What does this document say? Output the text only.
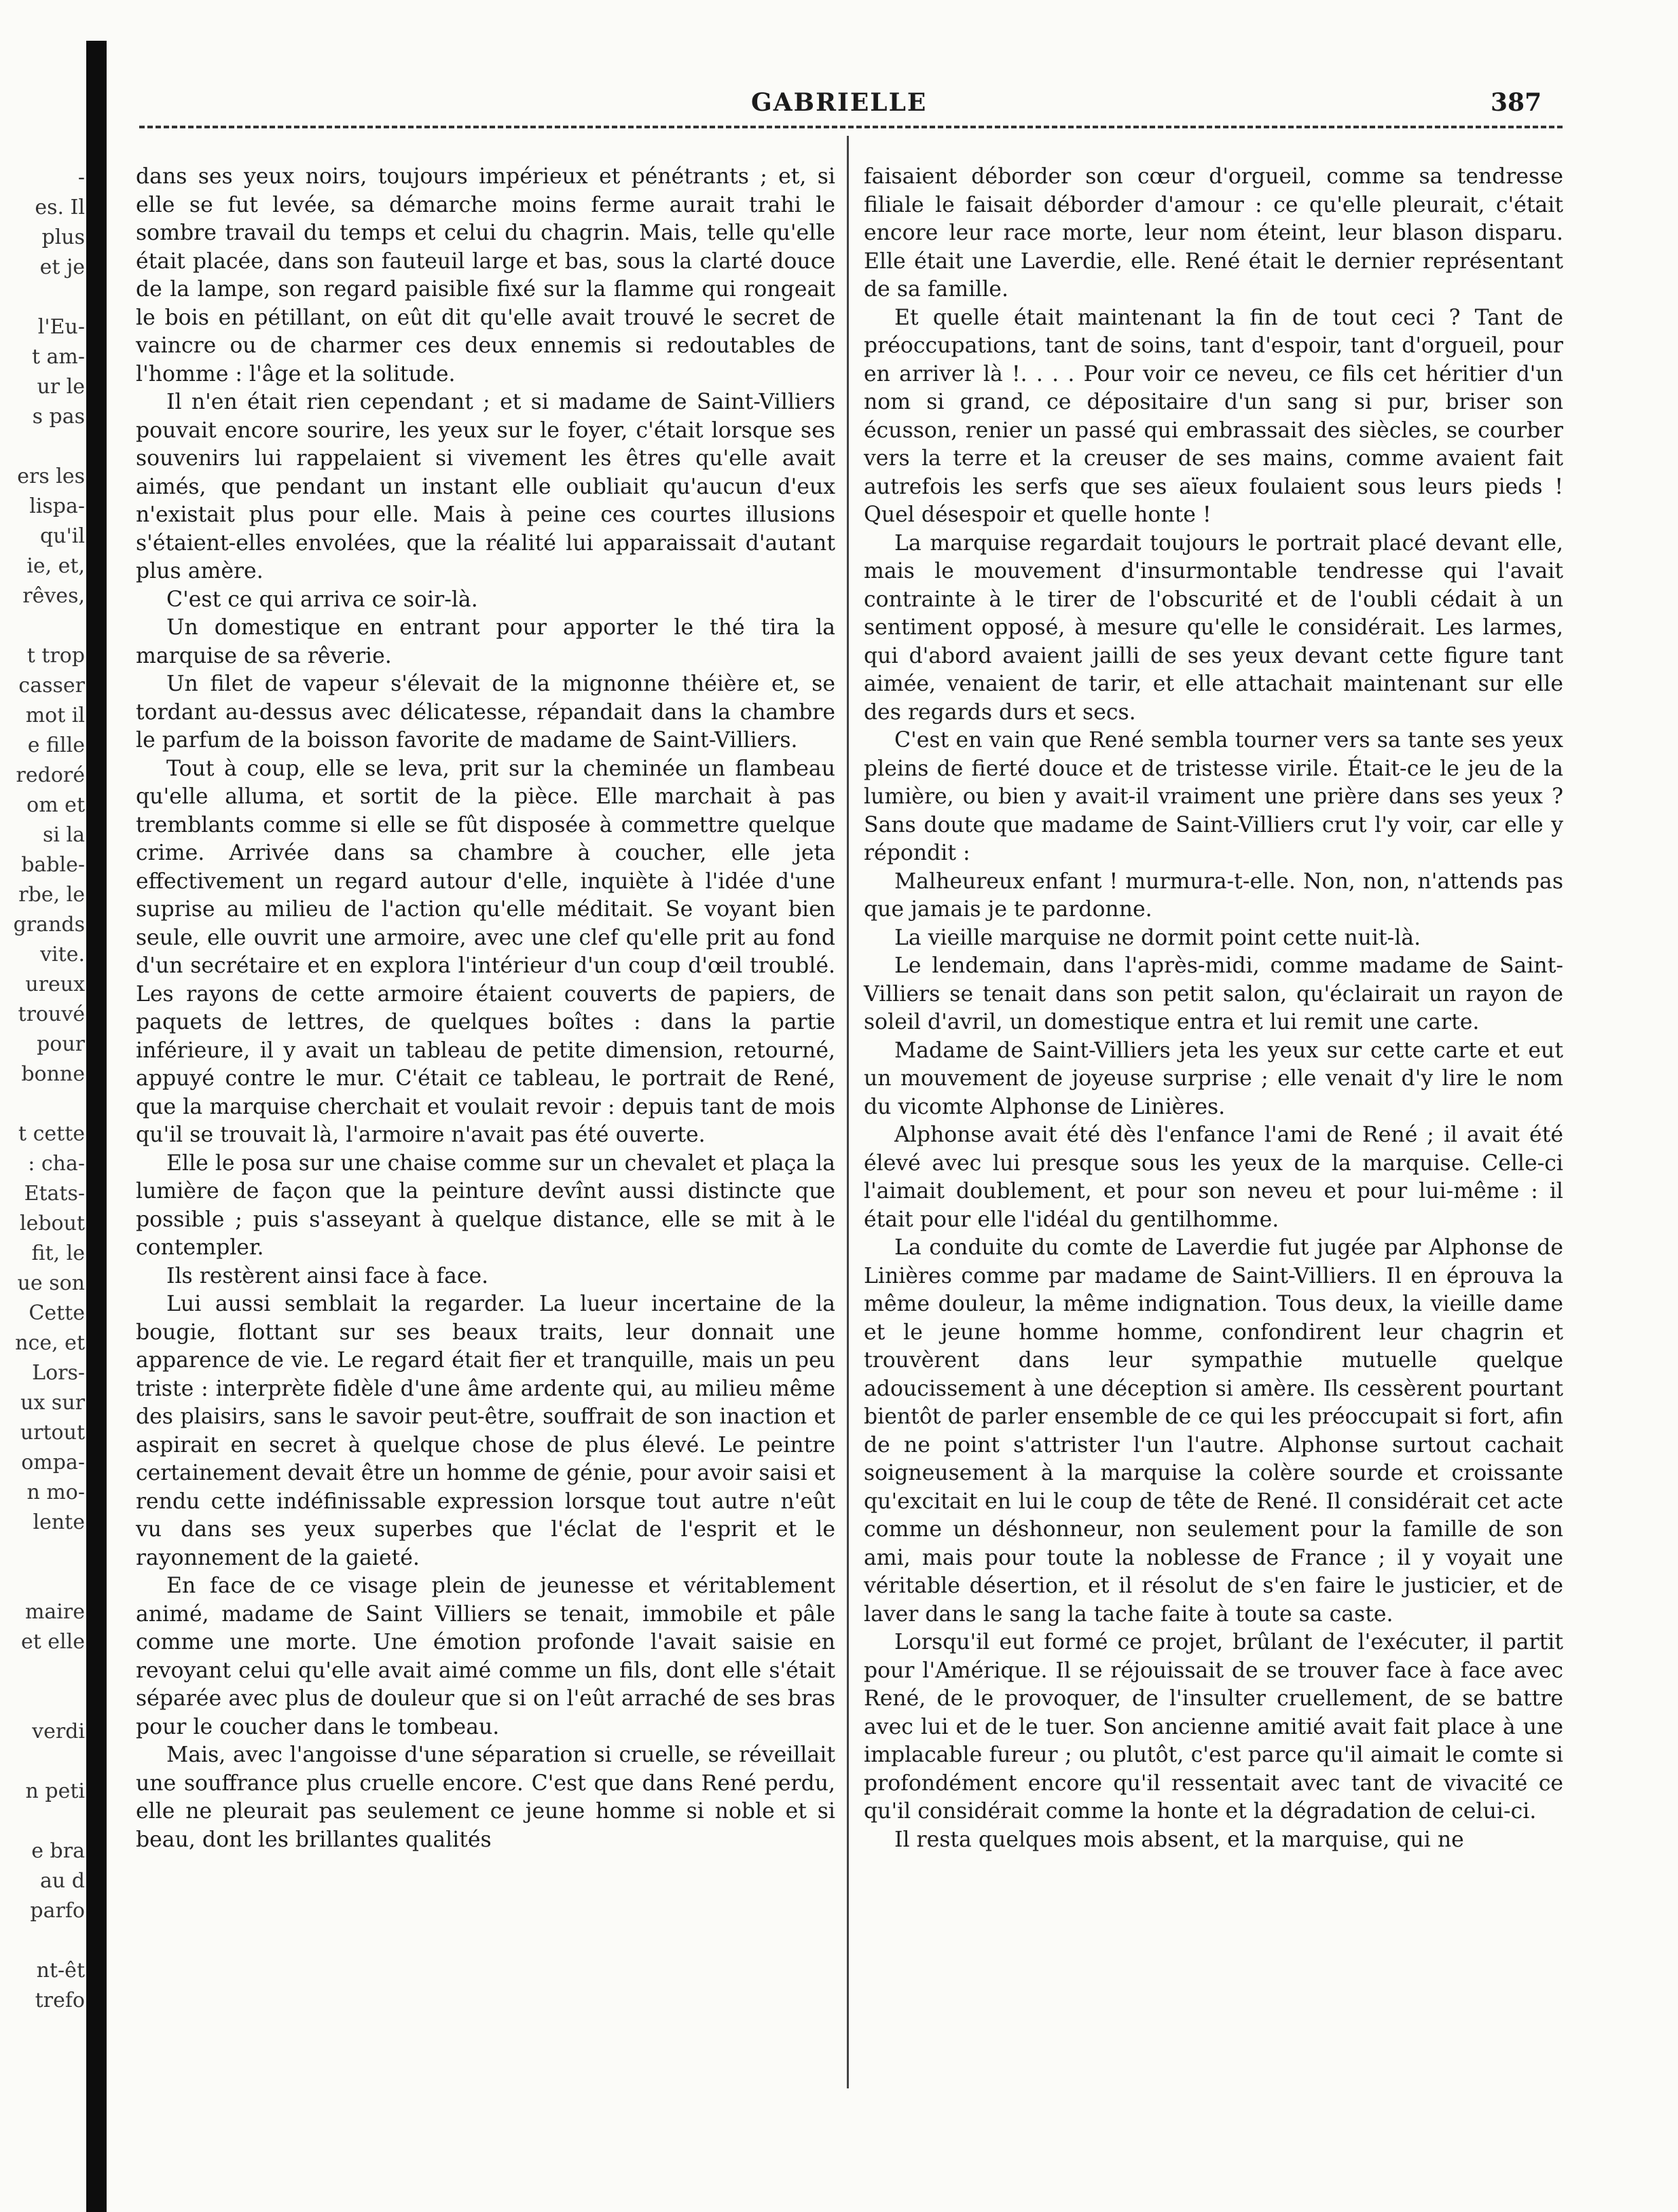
-
es. Il
plus
et je
l'Eu-
t am-
ur le
s pas
ers les
lispa-
qu'il
ie, et,
rêves,
t trop
casser
mot il
e fille
redoré
om et
si la
bable-
rbe, le
grands
vite.
ureux
trouvé
pour
bonne
t cette
: cha-
Etats-
lebout
fit, le
ue son
Cette
nce, et
Lors-
ux sur
urtout
ompa-
n mo-
lente
maire
et elle
verdi
n peti
e bra
au d
parfo
nt-êt
trefo
GABRIELLE	387

dans ses yeux noirs, toujours impérieux et pénétrants ; et, si elle se fut levée, sa démarche moins ferme aurait trahi le sombre travail du temps et celui du chagrin. Mais, telle qu'elle était placée, dans son fauteuil large et bas, sous la clarté douce de la lampe, son regard paisible fixé sur la flamme qui rongeait le bois en pétillant, on eût dit qu'elle avait trouvé le secret de vaincre ou de charmer ces deux ennemis si redoutables de l'homme : l'âge et la solitude.

Il n'en était rien cependant ; et si madame de Saint-Villiers pouvait encore sourire, les yeux sur le foyer, c'était lorsque ses souvenirs lui rappelaient si vivement les êtres qu'elle avait aimés, que pendant un instant elle oubliait qu'aucun d'eux n'existait plus pour elle. Mais à peine ces courtes illusions s'étaient-elles envolées, que la réalité lui apparaissait d'autant plus amère.

C'est ce qui arriva ce soir-là.

Un domestique en entrant pour apporter le thé tira la marquise de sa rêverie.

Un filet de vapeur s'élevait de la mignonne théière et, se tordant au-dessus avec délicatesse, répandait dans la chambre le parfum de la boisson favorite de madame de Saint-Villiers.

Tout à coup, elle se leva, prit sur la cheminée un flambeau qu'elle alluma, et sortit de la pièce. Elle marchait à pas tremblants comme si elle se fût disposée à commettre quelque crime. Arrivée dans sa chambre à coucher, elle jeta effectivement un regard autour d'elle, inquiète à l'idée d'une suprise au milieu de l'action qu'elle méditait. Se voyant bien seule, elle ouvrit une armoire, avec une clef qu'elle prit au fond d'un secrétaire et en explora l'intérieur d'un coup d'œil troublé. Les rayons de cette armoire étaient couverts de papiers, de paquets de lettres, de quelques boîtes : dans la partie inférieure, il y avait un tableau de petite dimension, retourné, appuyé contre le mur. C'était ce tableau, le portrait de René, que la marquise cherchait et voulait revoir : depuis tant de mois qu'il se trouvait là, l'armoire n'avait pas été ouverte.

Elle le posa sur une chaise comme sur un chevalet et plaça la lumière de façon que la peinture devînt aussi distincte que possible ; puis s'asseyant à quelque distance, elle se mit à le contempler.

Ils restèrent ainsi face à face.

Lui aussi semblait la regarder. La lueur incertaine de la bougie, flottant sur ses beaux traits, leur donnait une apparence de vie. Le regard était fier et tranquille, mais un peu triste : interprète fidèle d'une âme ardente qui, au milieu même des plaisirs, sans le savoir peut-être, souffrait de son inaction et aspirait en secret à quelque chose de plus élevé. Le peintre certainement devait être un homme de génie, pour avoir saisi et rendu cette indéfinissable expression lorsque tout autre n'eût vu dans ses yeux superbes que l'éclat de l'esprit et le rayonnement de la gaieté.

En face de ce visage plein de jeunesse et véritablement animé, madame de Saint Villiers se tenait, immobile et pâle comme une morte. Une émotion profonde l'avait saisie en revoyant celui qu'elle avait aimé comme un fils, dont elle s'était séparée avec plus de douleur que si on l'eût arraché de ses bras pour le coucher dans le tombeau.

Mais, avec l'angoisse d'une séparation si cruelle, se réveillait une souffrance plus cruelle encore. C'est que dans René perdu, elle ne pleurait pas seulement ce jeune homme si noble et si beau, dont les brillantes qualités

faisaient déborder son cœur d'orgueil, comme sa tendresse filiale le faisait déborder d'amour : ce qu'elle pleurait, c'était encore leur race morte, leur nom éteint, leur blason disparu. Elle était une Laverdie, elle. René était le dernier représentant de sa famille.

Et quelle était maintenant la fin de tout ceci ? Tant de préoccupations, tant de soins, tant d'espoir, tant d'orgueil, pour en arriver là !. . . . Pour voir ce neveu, ce fils cet héritier d'un nom si grand, ce dépositaire d'un sang si pur, briser son écusson, renier un passé qui embrassait des siècles, se courber vers la terre et la creuser de ses mains, comme avaient fait autrefois les serfs que ses aïeux foulaient sous leurs pieds ! Quel désespoir et quelle honte !

La marquise regardait toujours le portrait placé devant elle, mais le mouvement d'insurmontable tendresse qui l'avait contrainte à le tirer de l'obscurité et de l'oubli cédait à un sentiment opposé, à mesure qu'elle le considérait. Les larmes, qui d'abord avaient jailli de ses yeux devant cette figure tant aimée, venaient de tarir, et elle attachait maintenant sur elle des regards durs et secs.

C'est en vain que René sembla tourner vers sa tante ses yeux pleins de fierté douce et de tristesse virile. Était-ce le jeu de la lumière, ou bien y avait-il vraiment une prière dans ses yeux ? Sans doute que madame de Saint-Villiers crut l'y voir, car elle y répondit :

Malheureux enfant ! murmura-t-elle. Non, non, n'attends pas que jamais je te pardonne.

La vieille marquise ne dormit point cette nuit-là.

Le lendemain, dans l'après-midi, comme madame de Saint-Villiers se tenait dans son petit salon, qu'éclairait un rayon de soleil d'avril, un domestique entra et lui remit une carte.

Madame de Saint-Villiers jeta les yeux sur cette carte et eut un mouvement de joyeuse surprise ; elle venait d'y lire le nom du vicomte Alphonse de Linières.

Alphonse avait été dès l'enfance l'ami de René ; il avait été élevé avec lui presque sous les yeux de la marquise. Celle-ci l'aimait doublement, et pour son neveu et pour lui-même : il était pour elle l'idéal du gentilhomme.

La conduite du comte de Laverdie fut jugée par Alphonse de Linières comme par madame de Saint-Villiers. Il en éprouva la même douleur, la même indignation. Tous deux, la vieille dame et le jeune homme homme, confondirent leur chagrin et trouvèrent dans leur sympathie mutuelle quelque adoucissement à une déception si amère. Ils cessèrent pourtant bientôt de parler ensemble de ce qui les préoccupait si fort, afin de ne point s'attrister l'un l'autre. Alphonse surtout cachait soigneusement à la marquise la colère sourde et croissante qu'excitait en lui le coup de tête de René. Il considérait cet acte comme un déshonneur, non seulement pour la famille de son ami, mais pour toute la noblesse de France ; il y voyait une véritable désertion, et il résolut de s'en faire le justicier, et de laver dans le sang la tache faite à toute sa caste.

Lorsqu'il eut formé ce projet, brûlant de l'exécuter, il partit pour l'Amérique. Il se réjouissait de se trouver face à face avec René, de le provoquer, de l'insulter cruellement, de se battre avec lui et de le tuer. Son ancienne amitié avait fait place à une implacable fureur ; ou plutôt, c'est parce qu'il aimait le comte si profondément encore qu'il ressentait avec tant de vivacité ce qu'il considérait comme la honte et la dégradation de celui-ci.

Il resta quelques mois absent, et la marquise, qui ne
